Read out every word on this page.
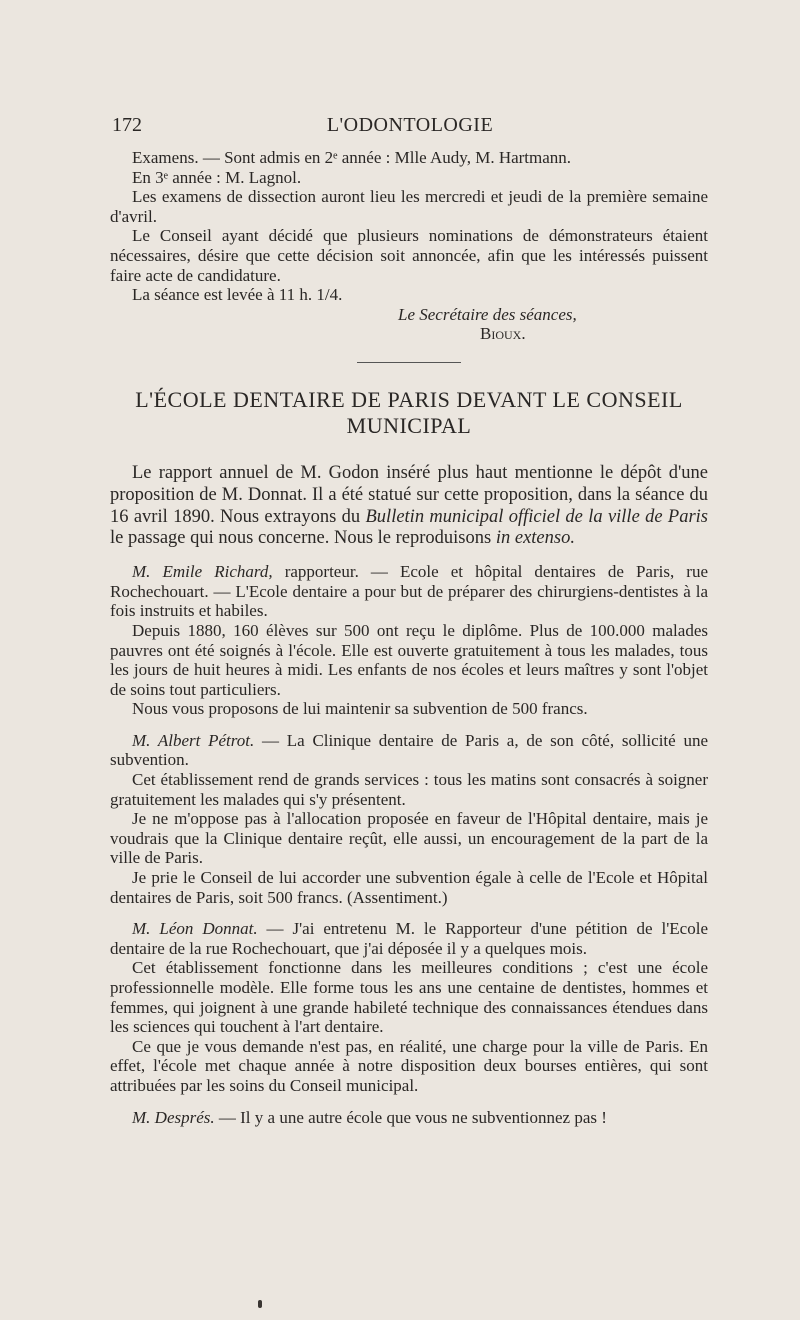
172	L'ODONTOLOGIE

Examens. — Sont admis en 2ᵉ année : Mlle Audy, M. Hartmann.

En 3ᵉ année : M. Lagnol.

Les examens de dissection auront lieu les mercredi et jeudi de la première semaine d'avril.

Le Conseil ayant décidé que plusieurs nominations de démonstrateurs étaient nécessaires, désire que cette décision soit annoncée, afin que les intéressés puissent faire acte de candidature.

La séance est levée à 11 h. 1/4.

Le Secrétaire des séances,
Bioux.
L'ÉCOLE DENTAIRE DE PARIS DEVANT LE CONSEIL MUNICIPAL

Le rapport annuel de M. Godon inséré plus haut mentionne le dépôt d'une proposition de M. Donnat. Il a été statué sur cette proposition, dans la séance du 16 avril 1890. Nous extrayons du Bulletin municipal officiel de la ville de Paris le passage qui nous concerne. Nous le reproduisons in extenso.

M. Emile Richard, rapporteur. — Ecole et hôpital dentaires de Paris, rue Rochechouart. — L'Ecole dentaire a pour but de préparer des chirurgiens-dentistes à la fois instruits et habiles.

Depuis 1880, 160 élèves sur 500 ont reçu le diplôme. Plus de 100.000 malades pauvres ont été soignés à l'école. Elle est ouverte gratuitement à tous les malades, tous les jours de huit heures à midi. Les enfants de nos écoles et leurs maîtres y sont l'objet de soins tout particuliers.

Nous vous proposons de lui maintenir sa subvention de 500 francs.

M. Albert Pétrot. — La Clinique dentaire de Paris a, de son côté, sollicité une subvention.

Cet établissement rend de grands services : tous les matins sont consacrés à soigner gratuitement les malades qui s'y présentent.

Je ne m'oppose pas à l'allocation proposée en faveur de l'Hôpital dentaire, mais je voudrais que la Clinique dentaire reçût, elle aussi, un encouragement de la part de la ville de Paris.

Je prie le Conseil de lui accorder une subvention égale à celle de l'Ecole et Hôpital dentaires de Paris, soit 500 francs. (Assentiment.)

M. Léon Donnat. — J'ai entretenu M. le Rapporteur d'une pétition de l'Ecole dentaire de la rue Rochechouart, que j'ai déposée il y a quelques mois.

Cet établissement fonctionne dans les meilleures conditions ; c'est une école professionnelle modèle. Elle forme tous les ans une centaine de dentistes, hommes et femmes, qui joignent à une grande habileté technique des connaissances étendues dans les sciences qui touchent à l'art dentaire.

Ce que je vous demande n'est pas, en réalité, une charge pour la ville de Paris. En effet, l'école met chaque année à notre disposition deux bourses entières, qui sont attribuées par les soins du Conseil municipal.

M. Després. — Il y a une autre école que vous ne subventionnez pas !
